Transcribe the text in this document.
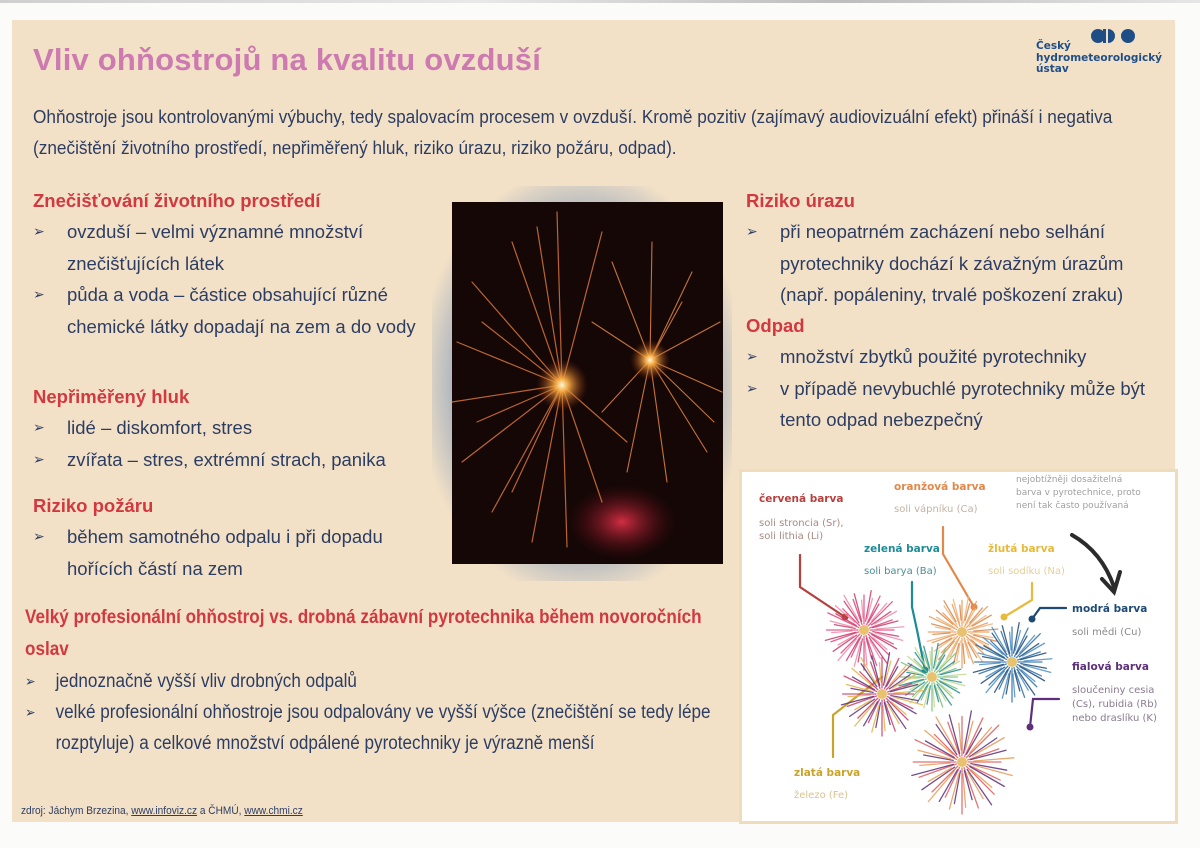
Vliv ohňostrojů na kvalitu ovzduší	Český
hydrometeorologický
ústav

Ohňostroje jsou kontrolovanými výbuchy, tedy spalovacím procesem v ovzduší. Kromě pozitiv (zajímavý audiovizuální efekt) přináší i negativa (znečištění životního prostředí, nepřiměřený hluk, riziko úrazu, riziko požáru, odpad).

Znečišťování životního prostředí
➢	ovzduší – velmi významné množství znečišťujících látek
➢	půda a voda – částice obsahující různé chemické látky dopadají na zem a do vody
Nepřiměřený hluk
➢	lidé – diskomfort, stres
➢	zvířata – stres, extrémní strach, panika
Riziko požáru
➢	během samotného odpalu i při dopadu hořících částí na zem
Riziko úrazu
➢	při neopatrném zacházení nebo selhání pyrotechniky dochází k závažným úrazům (např. popáleniny, trvalé poškození zraku)
Odpad
➢	množství zbytků použité pyrotechniky
➢	v případě nevybuchlé pyrotechniky může být tento odpad nebezpečný
Velký profesionální ohňostroj vs. drobná zábavní pyrotechnika během novoročních oslav
➢	jednoznačně vyšší vliv drobných odpalů
➢	velké profesionální ohňostroje jsou odpalovány ve vyšší výšce (znečištění se tedy lépe rozptyluje) a celkové množství odpálené pyrotechniky je výrazně menší

zdroj: Jáchym Brzezina, www.infoviz.cz a ČHMÚ, www.chmi.cz

nejobtížněji dosažitelná
barva v pyrotechnice, proto
není tak často používaná
červená barva
soli stroncia (Sr),
soli lithia (Li)
oranžová barva
soli vápníku (Ca)
zelená barva
soli barya (Ba)
žlutá barva
soli sodíku (Na)
modrá barva
soli mědi (Cu)
fialová barva
sloučeniny cesia
(Cs), rubidia (Rb)
nebo draslíku (K)
zlatá barva
železo (Fe)
